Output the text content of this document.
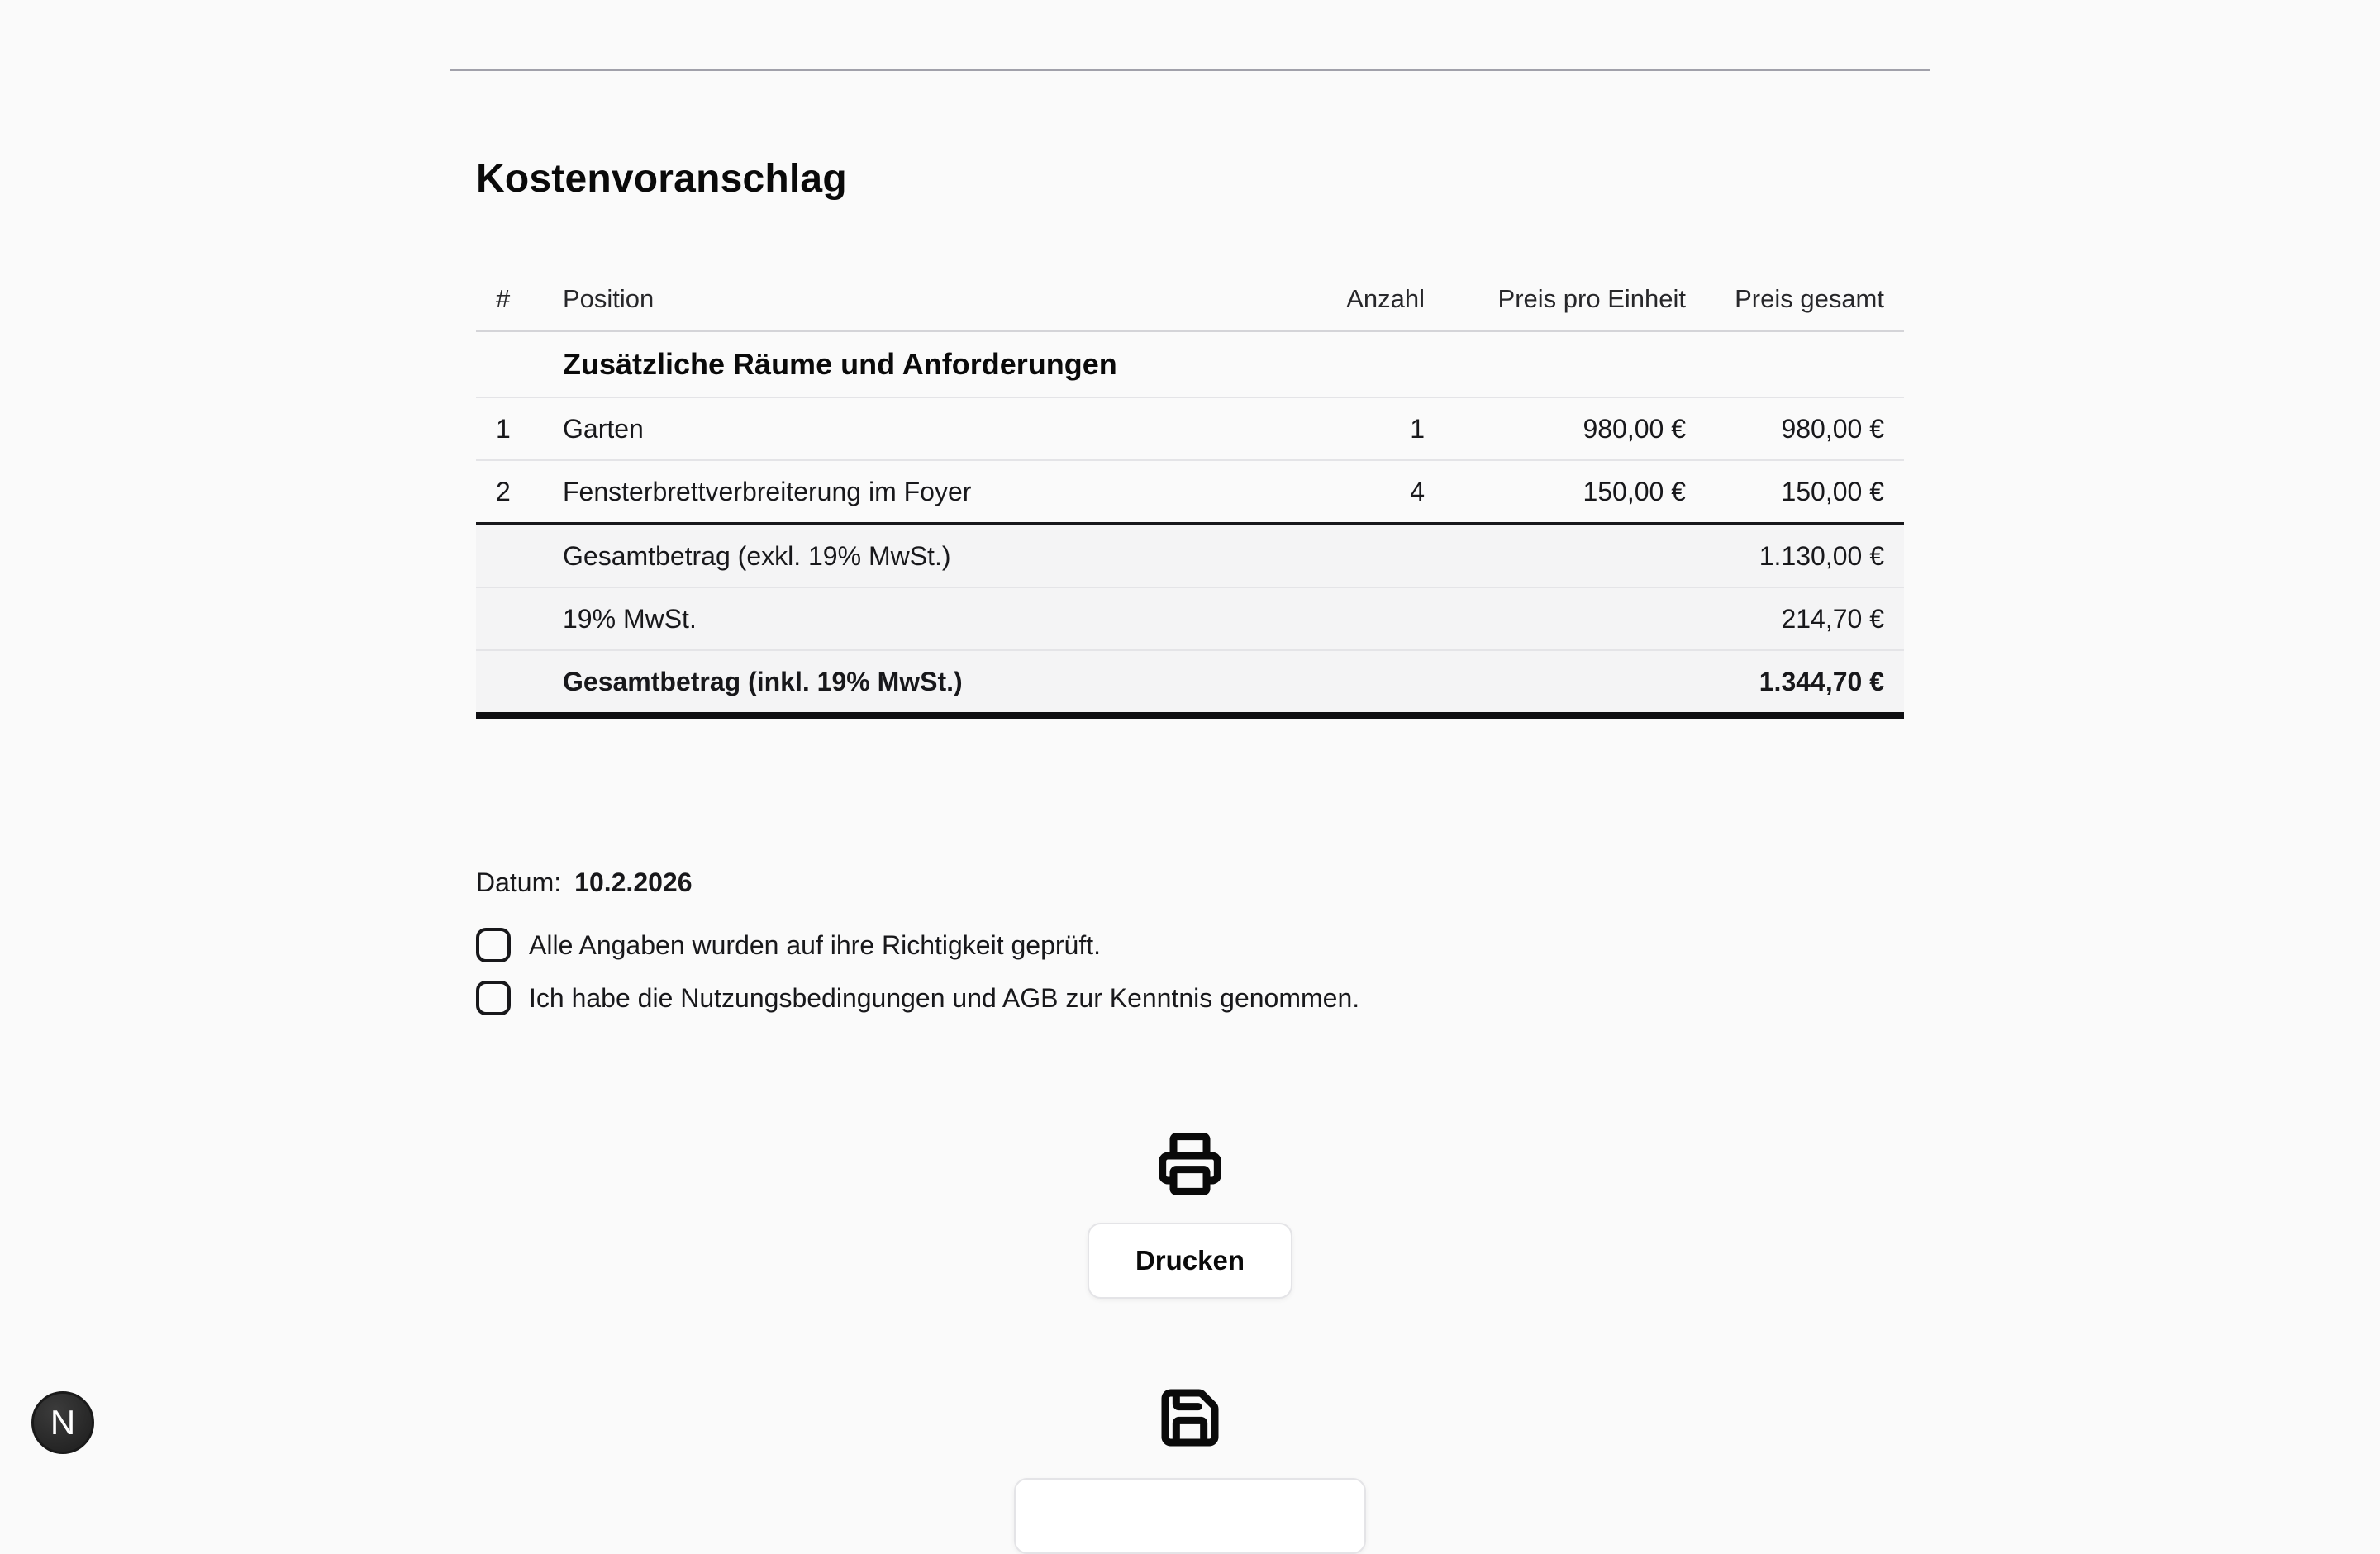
Kostenvoranschlag
#	Position	Anzahl	Preis pro Einheit	Preis gesamt
Zusätzliche Räume und Anforderungen				
1	Garten	1	980,00 €	980,00 €
2	Fensterbrettverbreiterung im Foyer	4	150,00 €	150,00 €
Gesamtbetrag (exkl. 19% MwSt.)				1.130,00 €
19% MwSt.				214,70 €
Gesamtbetrag (inkl. 19% MwSt.)				1.344,70 €
Datum: 10.2.2026
Alle Angaben wurden auf ihre Richtigkeit geprüft.
Ich habe die Nutzungsbedingungen und AGB zur Kenntnis genommen.

Drucken

N
